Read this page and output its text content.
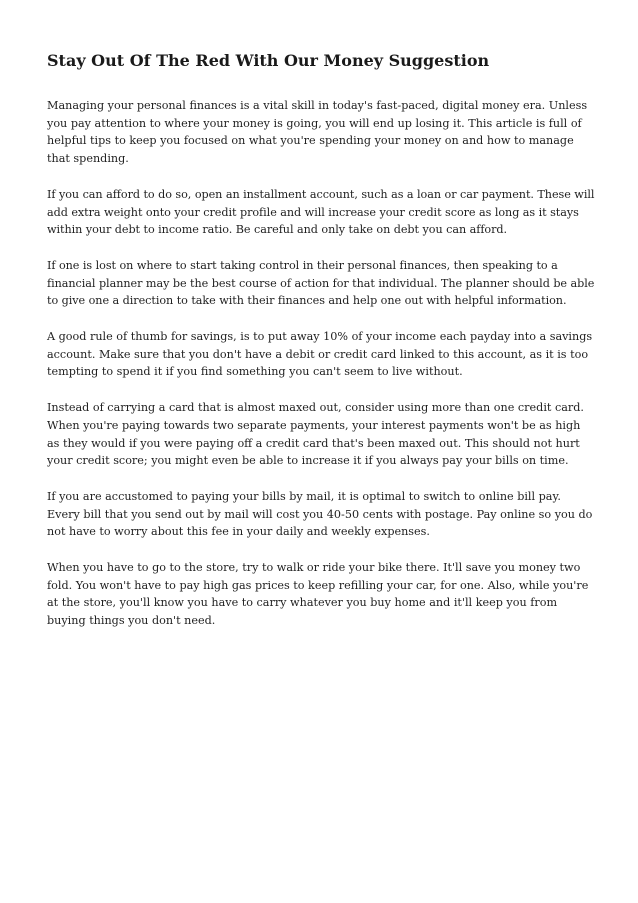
Stay Out Of The Red With Our Money Suggestion

Managing your personal finances is a vital skill in today's fast-paced, digital money era. Unless you pay attention to where your money is going, you will end up losing it. This article is full of helpful tips to keep you focused on what you're spending your money on and how to manage that spending.

If you can afford to do so, open an installment account, such as a loan or car payment. These will add extra weight onto your credit profile and will increase your credit score as long as it stays within your debt to income ratio. Be careful and only take on debt you can afford.

If one is lost on where to start taking control in their personal finances, then speaking to a financial planner may be the best course of action for that individual. The planner should be able to give one a direction to take with their finances and help one out with helpful information.

A good rule of thumb for savings, is to put away 10% of your income each payday into a savings account. Make sure that you don't have a debit or credit card linked to this account, as it is too tempting to spend it if you find something you can't seem to live without.

Instead of carrying a card that is almost maxed out, consider using more than one credit card. When you're paying towards two separate payments, your interest payments won't be as high as they would if you were paying off a credit card that's been maxed out. This should not hurt your credit score; you might even be able to increase it if you always pay your bills on time.

If you are accustomed to paying your bills by mail, it is optimal to switch to online bill pay. Every bill that you send out by mail will cost you 40-50 cents with postage. Pay online so you do not have to worry about this fee in your daily and weekly expenses.

When you have to go to the store, try to walk or ride your bike there. It'll save you money two fold. You won't have to pay high gas prices to keep refilling your car, for one. Also, while you're at the store, you'll know you have to carry whatever you buy home and it'll keep you from buying things you don't need.
